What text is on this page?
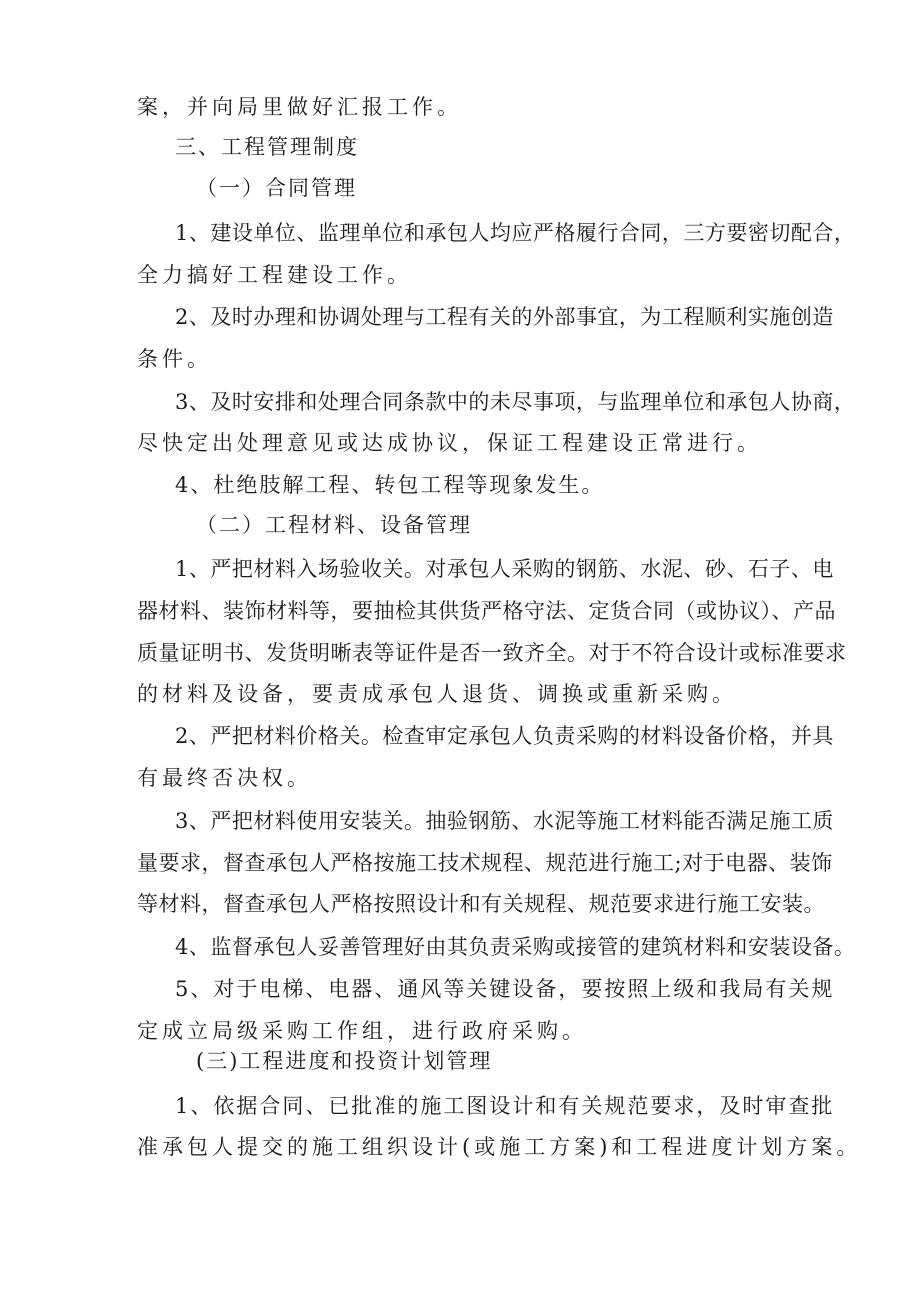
案，并向局里做好汇报工作。

三、工程管理制度

（一）合同管理

1、建设单位、监理单位和承包人均应严格履行合同，三方要密切配合，

全力搞好工程建设工作。

2、及时办理和协调处理与工程有关的外部事宜，为工程顺利实施创造

条件。

3、及时安排和处理合同条款中的未尽事项，与监理单位和承包人协商，

尽快定出处理意见或达成协议，保证工程建设正常进行。

4、杜绝肢解工程、转包工程等现象发生。

（二）工程材料、设备管理

1、严把材料入场验收关。对承包人采购的钢筋、水泥、砂、石子、电

器材料、装饰材料等，要抽检其供货严格守法、定货合同（或协议）、产品

质量证明书、发货明晰表等证件是否一致齐全。对于不符合设计或标准要求

的材料及设备，要责成承包人退货、调换或重新采购。

2、严把材料价格关。检查审定承包人负责采购的材料设备价格，并具

有最终否决权。

3、严把材料使用安装关。抽验钢筋、水泥等施工材料能否满足施工质

量要求，督查承包人严格按施工技术规程、规范进行施工;对于电器、装饰

等材料，督查承包人严格按照设计和有关规程、规范要求进行施工安装。

4、监督承包人妥善管理好由其负责采购或接管的建筑材料和安装设备。

5、对于电梯、电器、通风等关键设备，要按照上级和我局有关规

定成立局级采购工作组，进行政府采购。

(三)工程进度和投资计划管理

1、依据合同、已批准的施工图设计和有关规范要求，及时审查批

准承包人提交的施工组织设计(或施工方案)和工程进度计划方案。
